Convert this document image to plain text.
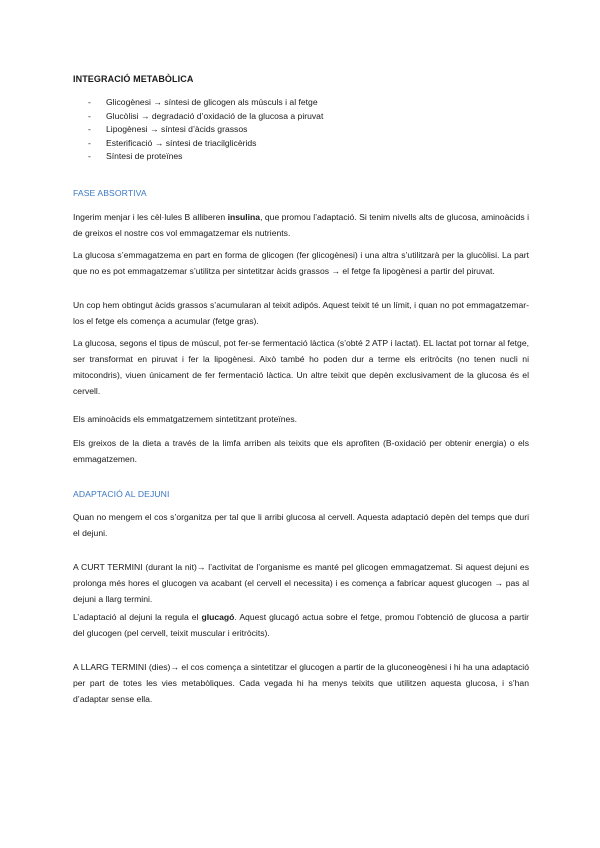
INTEGRACIÓ METABÒLICA
- Glicogènesi → síntesi de glicogen als músculs i al fetge
- Glucòlisi → degradació d’oxidació de la glucosa a piruvat
- Lipogènesi → síntesi d’àcids grassos
- Esterificació → síntesi de triacilglicèrids
- Síntesi de proteïnes
FASE ABSORTIVA

Ingerim menjar i les cèl·lules B alliberen insulina, que promou l’adaptació. Si tenim nivells alts de glucosa, aminoàcids i de greixos el nostre cos vol emmagatzemar els nutrients.

La glucosa s’emmagatzema en part en forma de glicogen (fer glicogènesi) i una altra s’utilitzarà per la glucòlisi. La part que no es pot emmagatzemar s’utilitza per sintetitzar àcids grassos → el fetge fa lipogènesi a partir del piruvat.

Un cop hem obtingut àcids grassos s’acumularan al teixit adipós. Aquest teixit té un límit, i quan no pot emmagatzemar-los el fetge els comença a acumular (fetge gras).

La glucosa, segons el tipus de múscul, pot fer-se fermentació làctica (s’obté 2 ATP i lactat). EL lactat pot tornar al fetge, ser transformat en piruvat i fer la lipogènesi. Això també ho poden dur a terme els eritròcits (no tenen nucli ni mitocondris), viuen únicament de fer fermentació làctica. Un altre teixit que depèn exclusivament de la glucosa és el cervell.

Els aminoàcids els emmatgatzemem sintetitzant proteïnes.

Els greixos de la dieta a través de la limfa arriben als teixits que els aprofiten (B-oxidació per obtenir energia) o els emmagatzemen.

ADAPTACIÓ AL DEJUNI

Quan no mengem el cos s’organitza per tal que li arribi glucosa al cervell. Aquesta adaptació depèn del temps que duri el dejuni.

A CURT TERMINI (durant la nit)→ l’activitat de l’organisme es manté pel glicogen emmagatzemat. Si aquest dejuni es prolonga més hores el glucogen va acabant (el cervell el necessita) i es comença a fabricar aquest glucogen → pas al dejuni a llarg termini.

L’adaptació al dejuni la regula el glucagó. Aquest glucagó actua sobre el fetge, promou l’obtenció de glucosa a partir del glucogen (pel cervell, teixit muscular i eritròcits).

A LLARG TERMINI (dies)→ el cos comença a sintetitzar el glucogen a partir de la gluconeogènesi i hi ha una adaptació per part de totes les vies metabòliques. Cada vegada hi ha menys teixits que utilitzen aquesta glucosa, i s’han d’adaptar sense ella.
